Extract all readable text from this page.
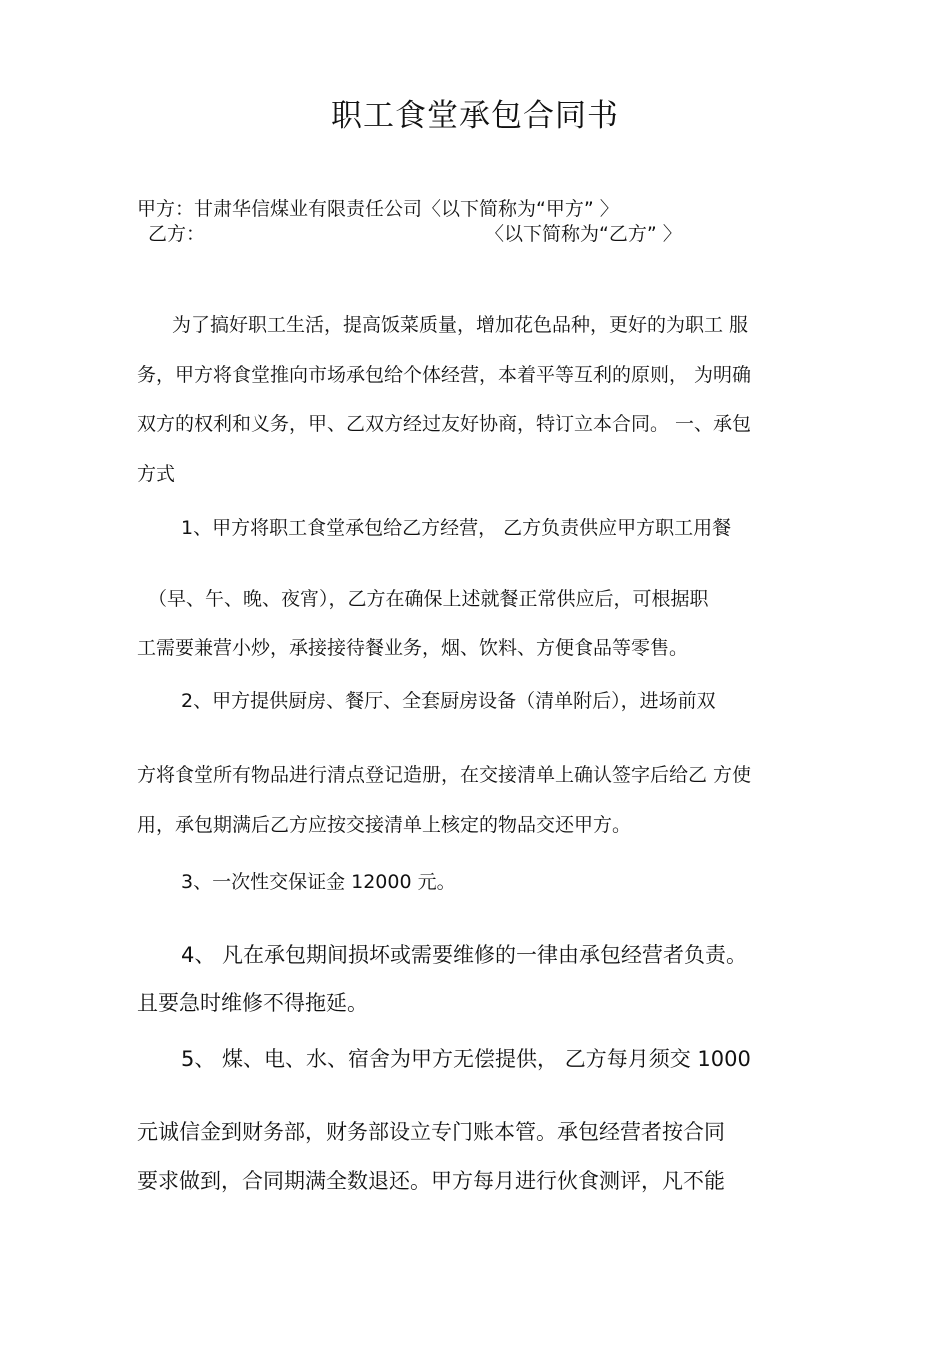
职工食堂承包合同书
甲方：甘肃华信煤业有限责任公司〈以下简称为“甲方” 〉
乙方：	〈以下简称为“乙方” 〉
为了搞好职工生活，提高饭菜质量，增加花色品种，更好的为职工 服
务，甲方将食堂推向市场承包给个体经营，本着平等互利的原则， 为明确
双方的权利和义务，甲、乙双方经过友好协商，特订立本合同。 一、承包
方式
1、甲方将职工食堂承包给乙方经营， 乙方负责供应甲方职工用餐
（早、午、晚、夜宵），乙方在确保上述就餐正常供应后，可根据职
工需要兼营小炒，承接接待餐业务，烟、饮料、方便食品等零售。
2、甲方提供厨房、餐厅、全套厨房设备（清单附后），进场前双
方将食堂所有物品进行清点登记造册，在交接清单上确认签字后给乙 方使
用，承包期满后乙方应按交接清单上核定的物品交还甲方。
3、一次性交保证金 12000 元。
4、 凡在承包期间损坏或需要维修的一律由承包经营者负责。
且要急时维修不得拖延。
5、 煤、电、水、宿舍为甲方无偿提供， 乙方每月须交 1000
元诚信金到财务部，财务部设立专门账本管。承包经营者按合同
要求做到，合同期满全数退还。甲方每月进行伙食测评，凡不能
